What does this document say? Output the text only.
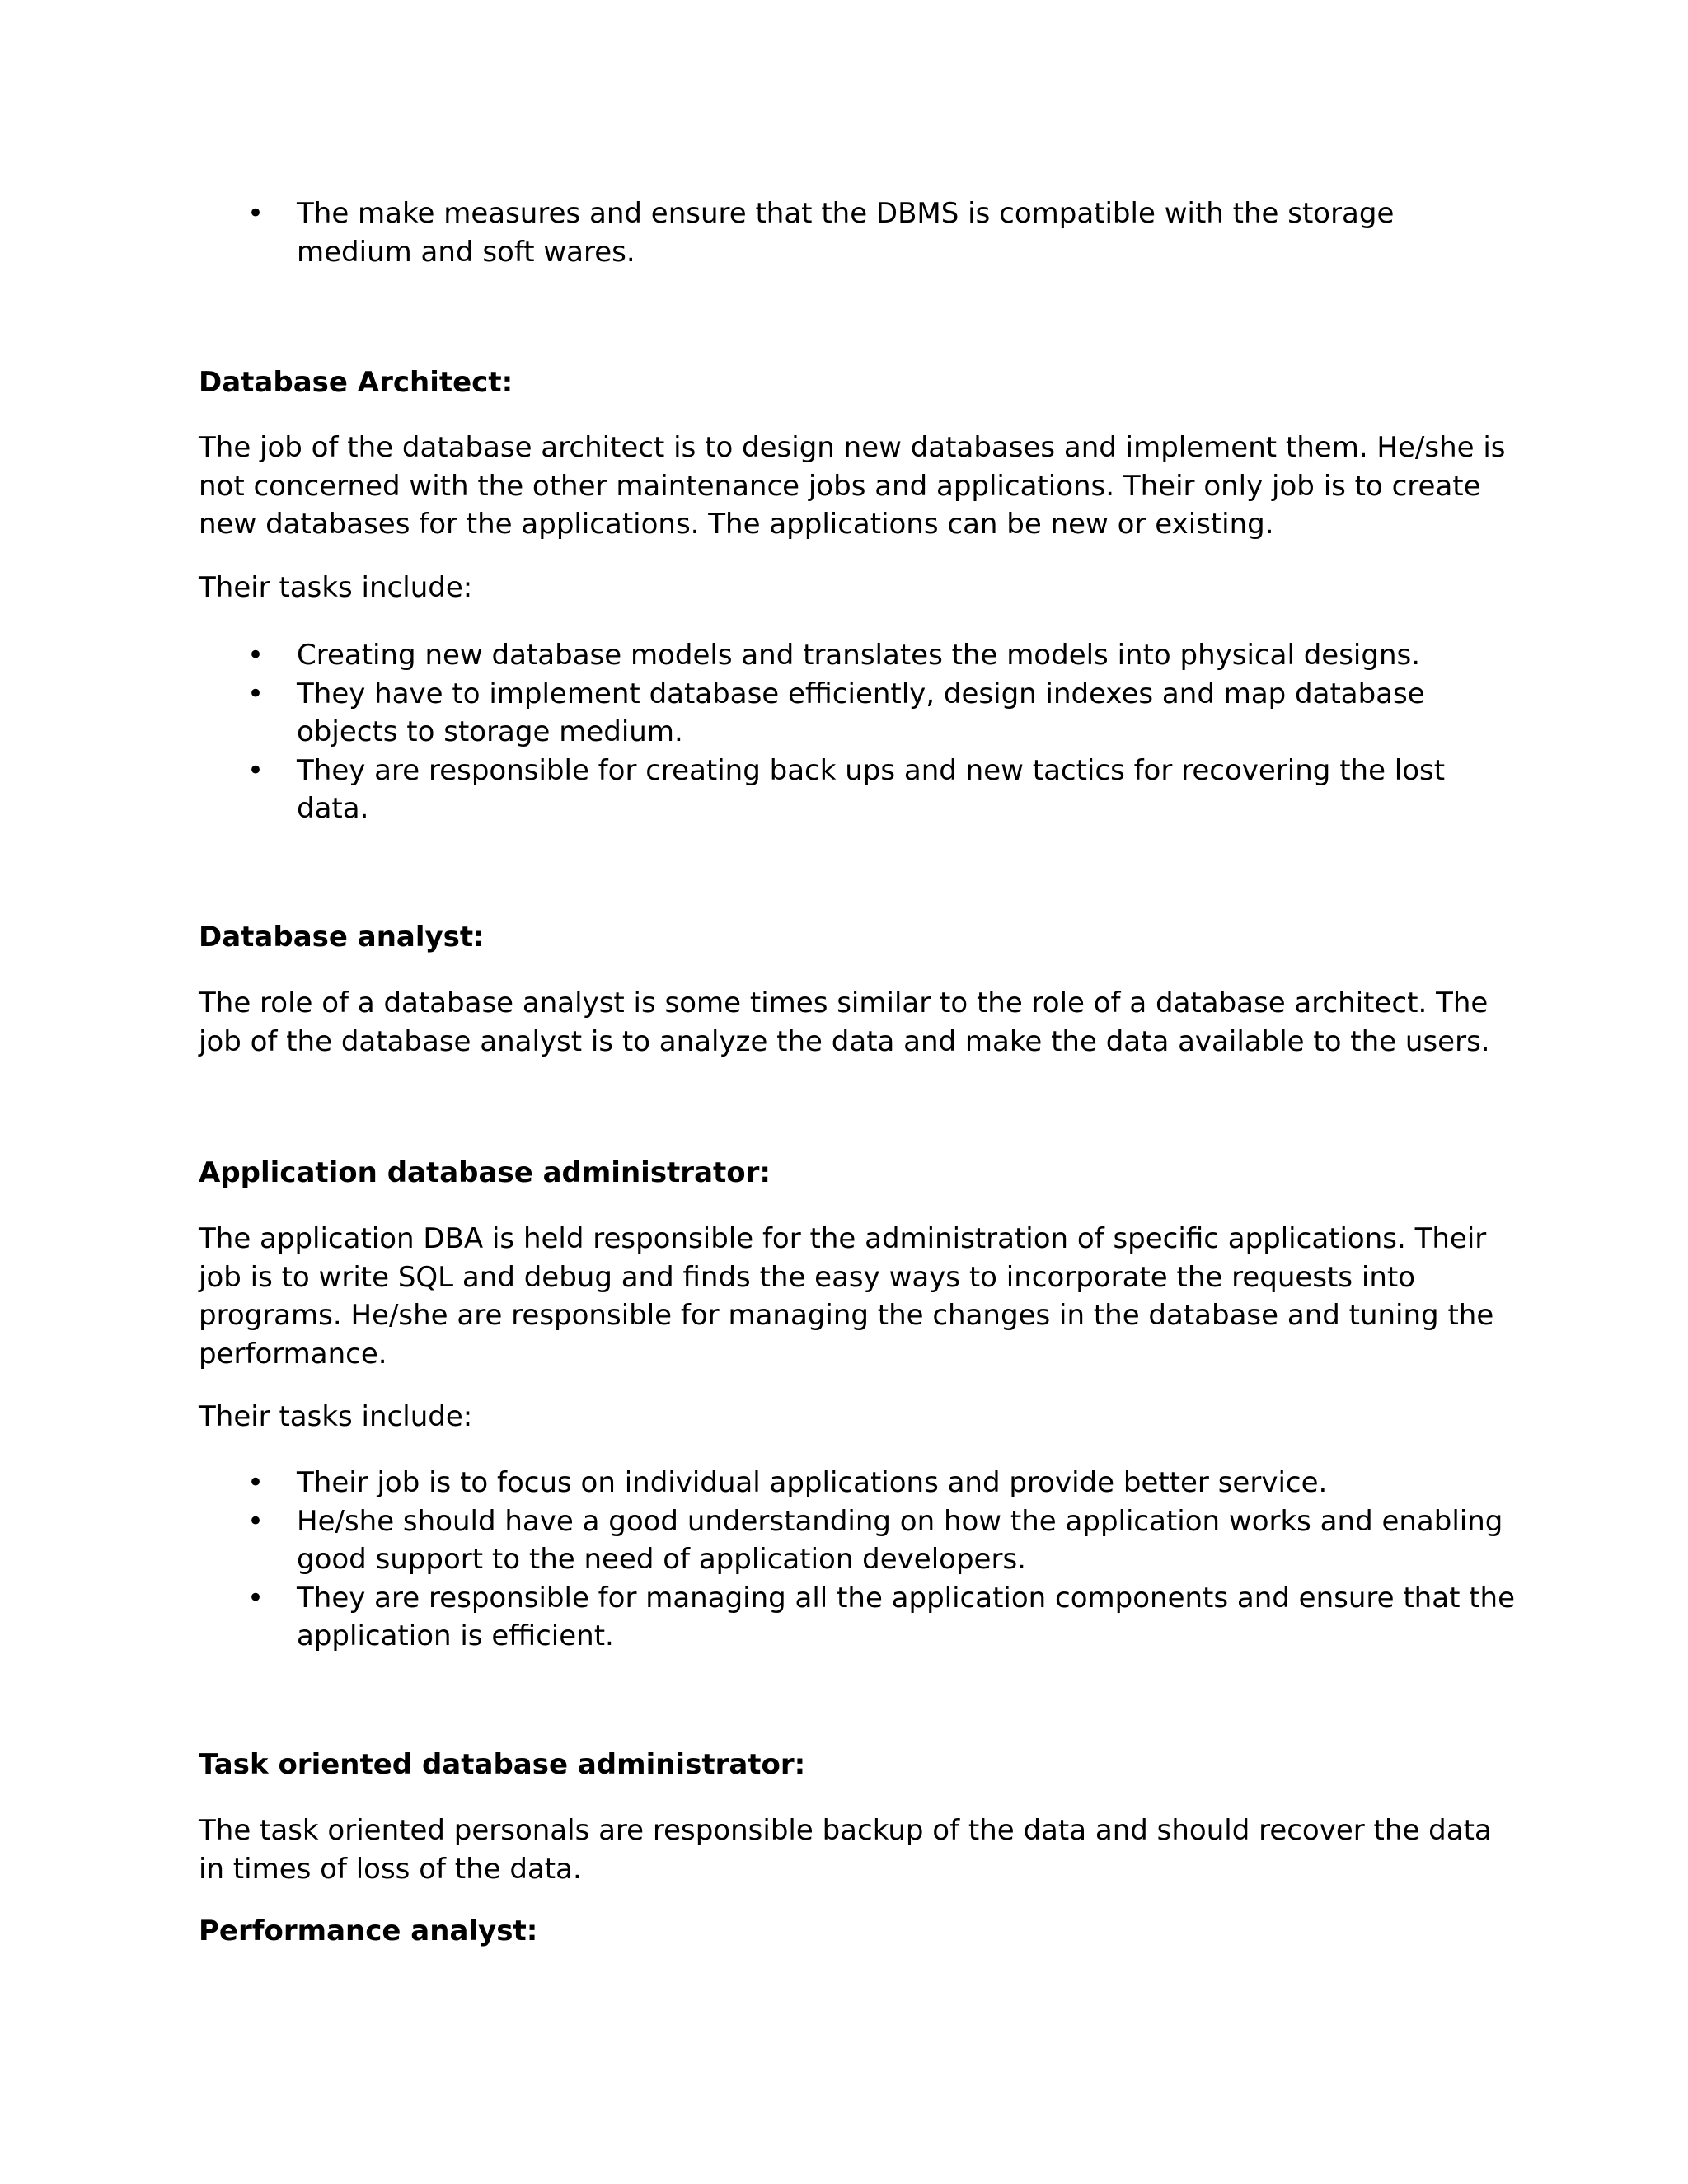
• The make measures and ensure that the DBMS is compatible with the storage medium and soft wares.
Database Architect:

The job of the database architect is to design new databases and implement them. He/she is not concerned with the other maintenance jobs and applications. Their only job is to create new databases for the applications. The applications can be new or existing.

Their tasks include:

• Creating new database models and translates the models into physical designs.
• They have to implement database efficiently, design indexes and map database objects to storage medium.
• They are responsible for creating back ups and new tactics for recovering the lost data.
Database analyst:

The role of a database analyst is some times similar to the role of a database architect. The job of the database analyst is to analyze the data and make the data available to the users.

Application database administrator:

The application DBA is held responsible for the administration of specific applications. Their job is to write SQL and debug and finds the easy ways to incorporate the requests into programs. He/she are responsible for managing the changes in the database and tuning the performance.

Their tasks include:

• Their job is to focus on individual applications and provide better service.
• He/she should have a good understanding on how the application works and enabling good support to the need of application developers.
• They are responsible for managing all the application components and ensure that the application is efficient.
Task oriented database administrator:

The task oriented personals are responsible backup of the data and should recover the data in times of loss of the data.

Performance analyst:
